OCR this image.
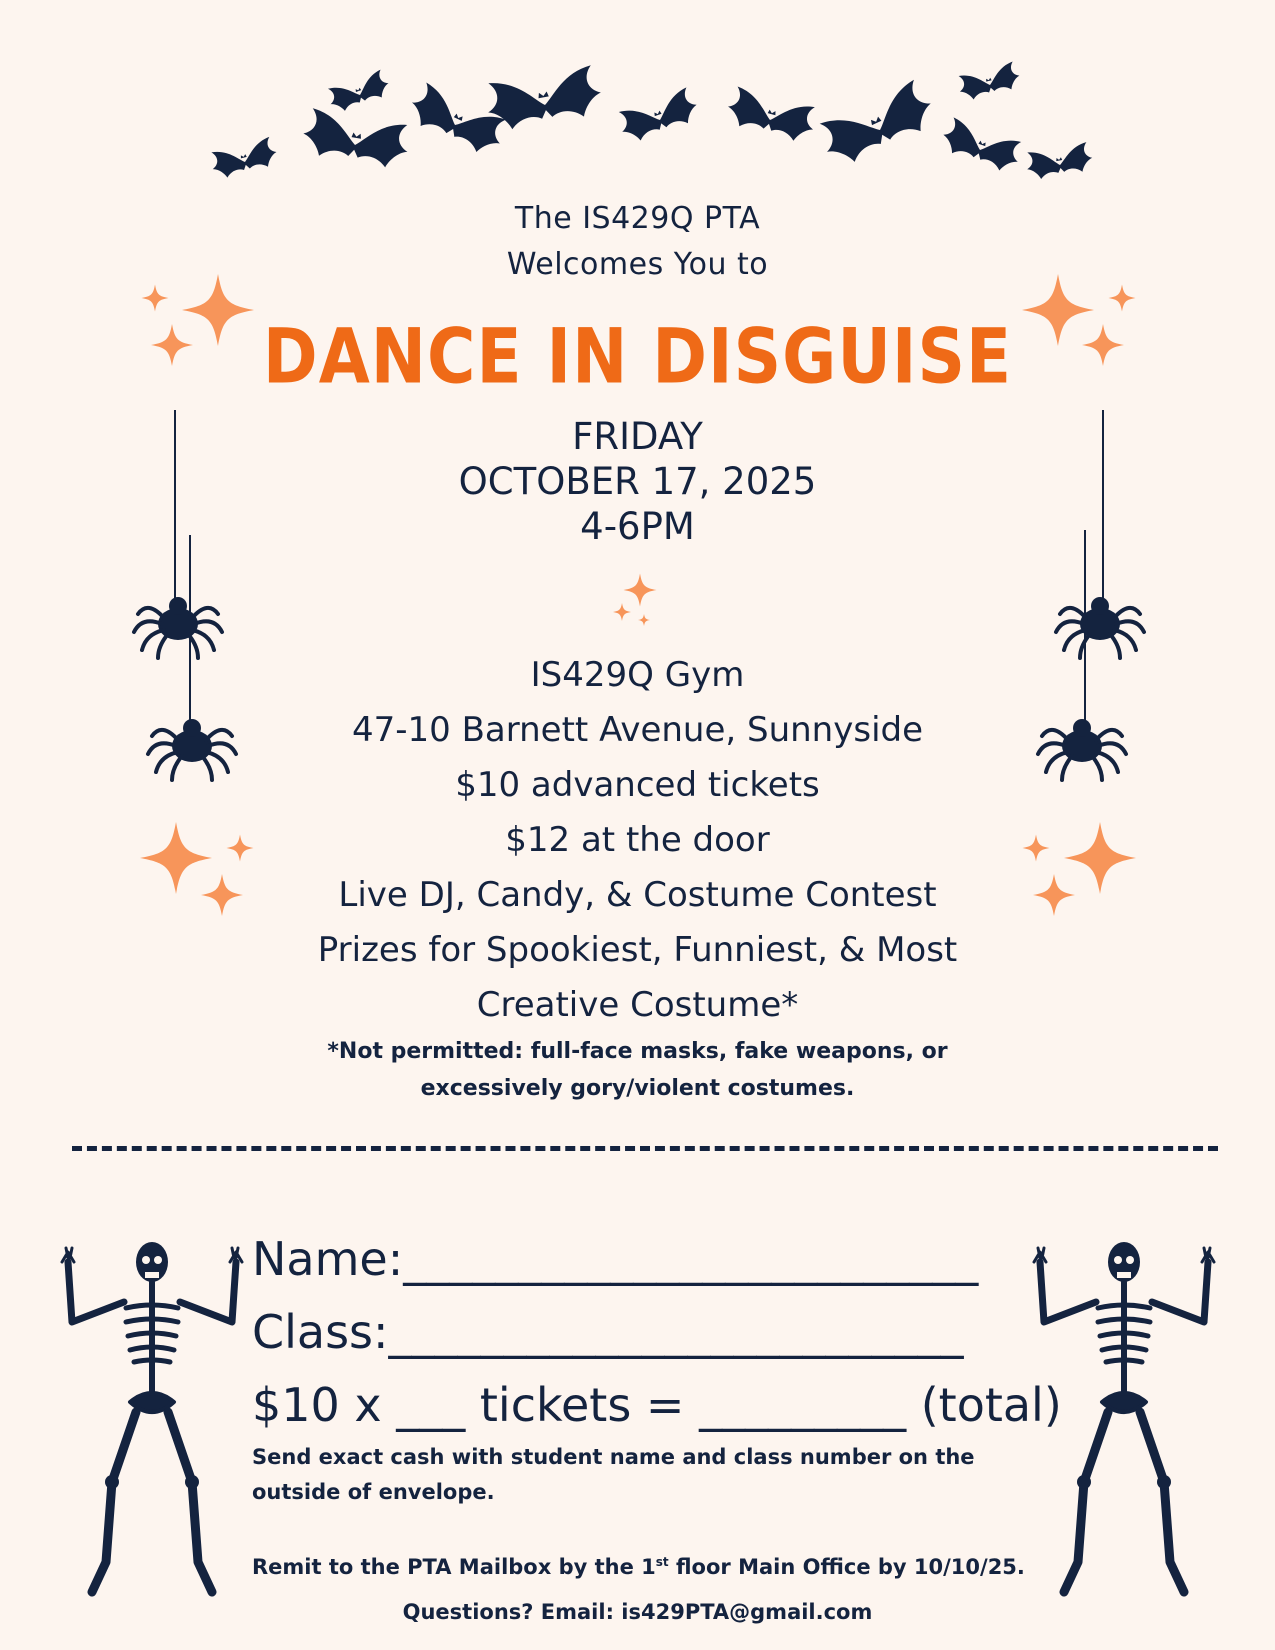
The IS429Q PTA
Welcomes You to
DANCE IN DISGUISE
FRIDAY
OCTOBER 17, 2025
4-6PM
IS429Q Gym
47-10 Barnett Avenue, Sunnyside
$10 advanced tickets
$12 at the door
Live DJ, Candy, & Costume Contest
Prizes for Spookiest, Funniest, & Most
Creative Costume*
*Not permitted: full-face masks, fake weapons, or
excessively gory/violent costumes.
Name:_________________________
Class:_________________________
$10 x ___ tickets = _________ (total)
Send exact cash with student name and class number on the outside of envelope.
Remit to the PTA Mailbox by the 1st floor Main Office by 10/10/25.
Questions? Email: is429PTA@gmail.com
